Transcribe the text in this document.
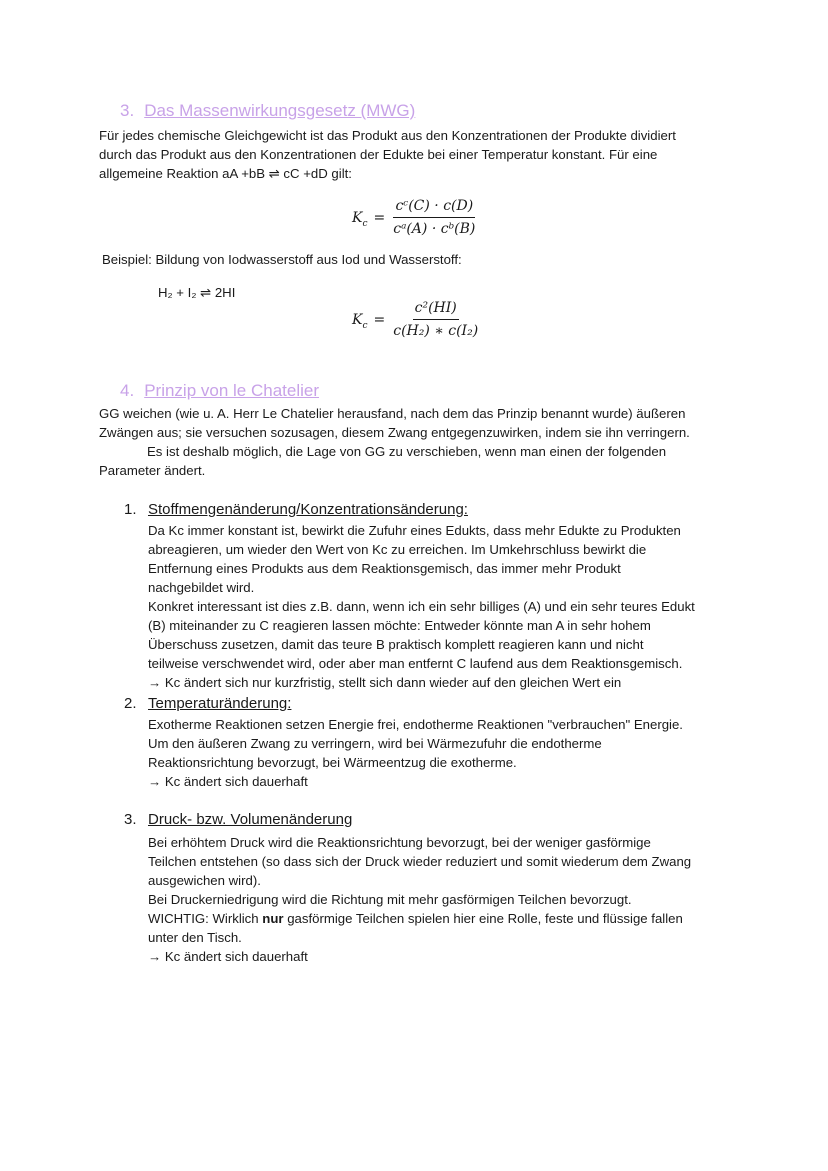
3. Das Massenwirkungsgesetz (MWG)
Für jedes chemische Gleichgewicht ist das Produkt aus den Konzentrationen der Produkte dividiert
durch das Produkt aus den Konzentrationen der Edukte bei einer Temperatur konstant. Für eine
allgemeine Reaktion aA +bB ⇌ cC +dD gilt:
$K_c = \frac{\text{cᶜ(C) · c(D)}}{\text{cᵃ(A) · cᵇ(B)}}$
Beispiel: Bildung von Iodwasserstoff aus Iod und Wasserstoff:
H₂ + I₂ ⇌ 2HI
$K_c = \frac{\text{c²(HI)}}{\text{c(H₂) ∗ c(I₂)}}$
4. Prinzip von le Chatelier
GG weichen (wie u. A. Herr Le Chatelier herausfand, nach dem das Prinzip benannt wurde) äußeren
Zwängen aus; sie versuchen sozusagen, diesem Zwang entgegenzuwirken, indem sie ihn verringern.
Es ist deshalb möglich, die Lage von GG zu verschieben, wenn man einen der folgenden
Parameter ändert.
1. Stoffmengenänderung/Konzentrationsänderung:
Da Kc immer konstant ist, bewirkt die Zufuhr eines Edukts, dass mehr Edukte zu Produkten
abreagieren, um wieder den Wert von Kc zu erreichen. Im Umkehrschluss bewirkt die
Entfernung eines Produkts aus dem Reaktionsgemisch, das immer mehr Produkt
nachgebildet wird.
Konkret interessant ist dies z.B. dann, wenn ich ein sehr billiges (A) und ein sehr teures Edukt
(B) miteinander zu C reagieren lassen möchte: Entweder könnte man A in sehr hohem
Überschuss zusetzen, damit das teure B praktisch komplett reagieren kann und nicht
teilweise verschwendet wird, oder aber man entfernt C laufend aus dem Reaktionsgemisch.
→ Kc ändert sich nur kurzfristig, stellt sich dann wieder auf den gleichen Wert ein
2. Temperaturänderung:
Exotherme Reaktionen setzen Energie frei, endotherme Reaktionen "verbrauchen" Energie.
Um den äußeren Zwang zu verringern, wird bei Wärmezufuhr die endotherme
Reaktionsrichtung bevorzugt, bei Wärmeentzug die exotherme.
→ Kc ändert sich dauerhaft
3. Druck- bzw. Volumenänderung
Bei erhöhtem Druck wird die Reaktionsrichtung bevorzugt, bei der weniger gasförmige
Teilchen entstehen (so dass sich der Druck wieder reduziert und somit wiederum dem Zwang
ausgewichen wird).
Bei Druckerniedrigung wird die Richtung mit mehr gasförmigen Teilchen bevorzugt.
WICHTIG: Wirklich nur gasförmige Teilchen spielen hier eine Rolle, feste und flüssige fallen
unter den Tisch.
→ Kc ändert sich dauerhaft
